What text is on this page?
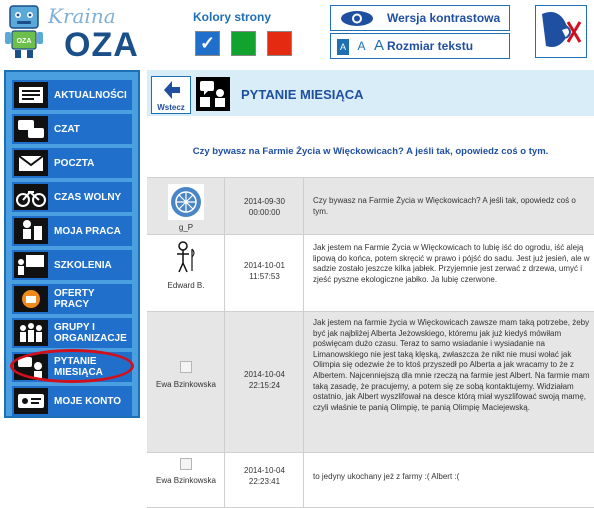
OZA
Kraina
OZA
Kolory strony
✓
Wersja kontrastowa
A A A Rozmiar tekstu
AKTUALNOŚCI
CZAT
POCZTA
CZAS WOLNY
MOJA PRACA
SZKOLENIA
OFERTY PRACY
GRUPY I ORGANIZACJE
PYTANIE MIESIĄCA
MOJE KONTO
Wstecz
PYTANIE MIESIĄCA
Czy bywasz na Farmie Życia w Więckowicach? A jeśli tak, opowiedz coś o tym.
g_P
2014-09-30
00:00:00
Czy bywasz na Farmie Życia w Więckowicach? A jeśli tak, opowiedz coś o tym.
Edward B.
2014-10-01
11:57:53
Jak jestem na Farmie Życia w Więckowicach to lubię iść do ogrodu, iść aleją lipową do końca, potem skręcić w prawo i pójść do sadu. Jest już jesień, ale w sadzie zostało jeszcze kilka jabłek. Przyjemnie jest zerwać z drzewa, umyć i zjeść pyszne ekologiczne jabłko. Ja lubię czerwone.
Ewa Bzinkowska
2014-10-04
22:15:24
Jak jestem na farmie życia w Więckowicach zawsze mam taką potrzebe, żeby być jak najbliżej Alberta Jeżowskiego, któremu jak już kiedyś mówiłam poświęcam dużo czasu. Teraz to samo wsiadanie i wysiadanie na Limanowskiego nie jest taką klęską, zwłaszcza że nikt nie musi wołać jak Olimpia się odezwie że to ktoś przyszedł po Alberta a jak wracamy to że z Albertem. Najcenniejszą dla mnie rzeczą na farmie jest Albert. Na farmie mam taką zasadę, że pracujemy, a potem się ze sobą kontaktujemy. Widziałam ostatnio, jak Albert wyszlifował na desce którą miał wyszlifować swoją mamę, czyli właśnie te panią Olimpię, te panią Olimpię Maciejewską.
Ewa Bzinkowska
2014-10-04
22:23:41
to jedyny ukochany jeż z farmy :( Albert :(
